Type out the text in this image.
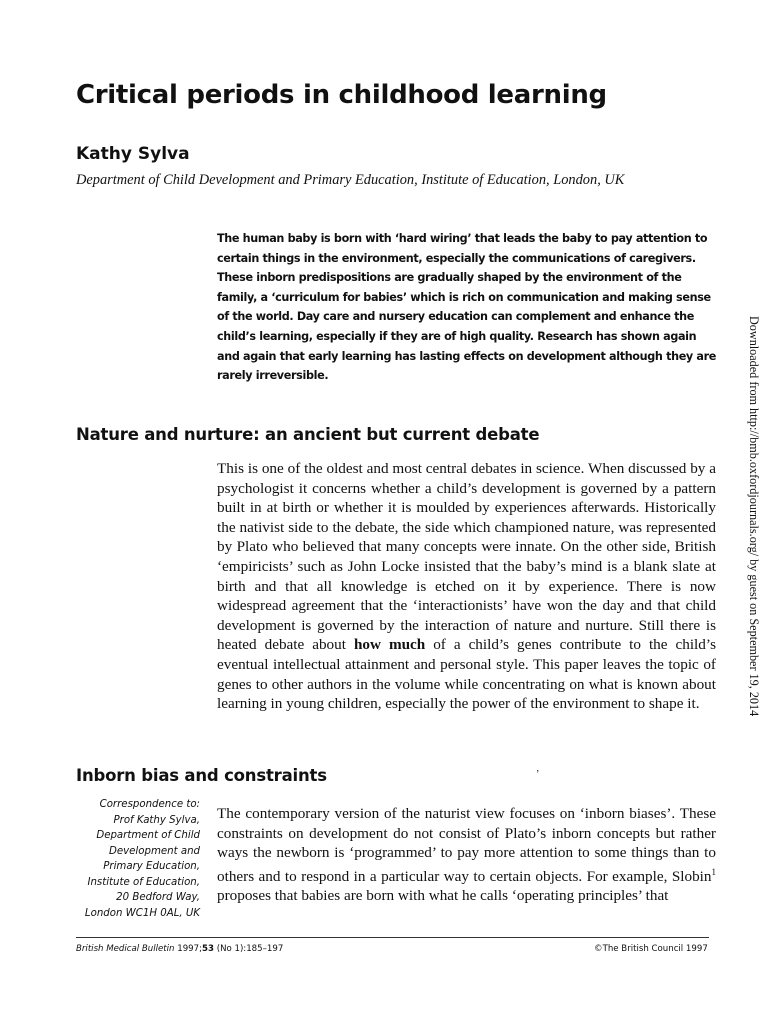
Critical periods in childhood learning
Kathy Sylva

Department of Child Development and Primary Education, Institute of Education, London, UK

The human baby is born with ‘hard wiring’ that leads the baby to pay attention to certain things in the environment, especially the communications of caregivers. These inborn predispositions are gradually shaped by the environment of the family, a ‘curriculum for babies’ which is rich on communication and making sense of the world. Day care and nursery education can complement and enhance the child’s learning, especially if they are of high quality. Research has shown again and again that early learning has lasting effects on development although they are rarely irreversible.

Nature and nurture: an ancient but current debate

This is one of the oldest and most central debates in science. When discussed by a psychologist it concerns whether a child’s development is governed by a pattern built in at birth or whether it is moulded by experiences afterwards. Historically the nativist side to the debate, the side which championed nature, was represented by Plato who believed that many concepts were innate. On the other side, British ‘empiricists’ such as John Locke insisted that the baby’s mind is a blank slate at birth and that all knowledge is etched on it by experience. There is now widespread agreement that the ‘interactionists’ have won the day and that child development is governed by the interaction of nature and nurture. Still there is heated debate about how much of a child’s genes contribute to the child’s eventual intellectual attainment and personal style. This paper leaves the topic of genes to other authors in the volume while concentrating on what is known about learning in young children, especially the power of the environment to shape it.

’
Inborn bias and constraints
Correspondence to:
Prof Kathy Sylva,
Department of Child
Development and
Primary Education,
Institute of Education,
20 Bedford Way,
London WC1H 0AL, UK

The contemporary version of the naturist view focuses on ‘inborn biases’. These constraints on development do not consist of Plato’s inborn concepts but rather ways the newborn is ‘programmed’ to pay more attention to some things than to others and to respond in a particular way to certain objects. For example, Slobin$^1$ proposes that babies are born with what he calls ‘operating principles’ that

Downloaded from http://bmb.oxfordjournals.org/ by guest on September 19, 2014

British Medical Bulletin 1997;53 (No 1):185–197	©The British Council 1997
